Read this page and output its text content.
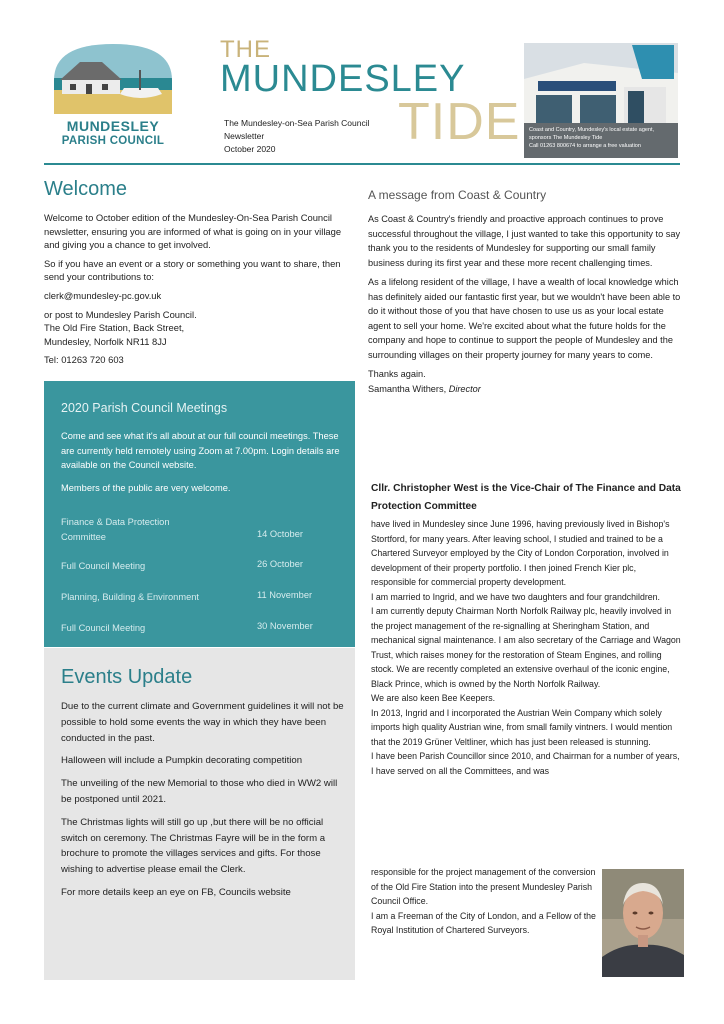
MUNDESLEY
PARISH COUNCIL
THE
MUNDESLEY
TIDE
The Mundesley-on-Sea Parish Council Newsletter
October 2020
Coast and Country, Mundesley's local estate agent, sponsors The Mundesley Tide
Call 01263 800674 to arrange a free valuation
Welcome

Welcome to October edition of the Mundesley-On-Sea Parish Council newsletter, ensuring you are informed of what is going on in your village and giving you a chance to get involved.

So if you have an event or a story or something you want to share, then send your contributions to:

clerk@mundesley-pc.gov.uk

or post to Mundesley Parish Council.
The Old Fire Station, Back Street,
Mundesley, Norfolk NR11 8JJ
Tel: 01263 720 603
2020 Parish Council Meetings
Come and see what it's all about at our full council meetings. These are currently held remotely using Zoom at 7.00pm. Login details are available on the Council website.
Members of the public are very welcome.
Finance & Data Protection Committee	14 October
Full Council Meeting	26 October
Planning, Building & Environment	11 November
Full Council Meeting	30 November
Events Update

Due to the current climate and Government guidelines it will not be possible to hold some events the way in which they have been conducted in the past.

Halloween will include a Pumpkin decorating competition

The unveiling of the new Memorial to those who died in WW2 will be postponed until 2021.

The Christmas lights will still go up ,but there will be no official switch on ceremony. The Christmas Fayre will be in the form a brochure to promote the villages services and gifts. For those wishing to advertise please email the Clerk.

For more details keep an eye on FB, Councils website

A message from Coast & Country

As Coast & Country's friendly and proactive approach continues to prove successful throughout the village, I just wanted to take this opportunity to say thank you to the residents of Mundesley for supporting our small family business during its first year and these more recent challenging times.

As a lifelong resident of the village, I have a wealth of local knowledge which has definitely aided our fantastic first year, but we wouldn't have been able to do it without those of you that have chosen to use us as your local estate agent to sell your home. We're excited about what the future holds for the company and hope to continue to support the people of Mundesley and the surrounding villages on their property journey for many years to come.

Thanks again.
Samantha Withers, Director
Cllr. Christopher West is the Vice-Chair of The Finance and Data Protection Committee

have lived in Mundesley since June 1996, having previously lived in Bishop's Stortford, for many years. After leaving school, I studied and trained to be a Chartered Surveyor employed by the City of London Corporation, involved in development of their property portfolio. I then joined French Kier plc, responsible for commercial property development.

I am married to Ingrid, and we have two daughters and four grandchildren.

I am currently deputy Chairman North Norfolk Railway plc, heavily involved in the project management of the re-signalling at Sheringham Station, and mechanical signal maintenance. I am also secretary of the Carriage and Wagon Trust, which raises money for the restoration of Steam Engines, and rolling stock. We are recently completed an extensive overhaul of the iconic engine, Black Prince, which is owned by the North Norfolk Railway.

We are also keen Bee Keepers.

In 2013, Ingrid and I incorporated the Austrian Wein Company which solely imports high quality Austrian wine, from small family vintners. I would mention that the 2019 Grüner Veltliner, which has just been released is stunning.

I have been Parish Councillor since 2010, and Chairman for a number of years, I have served on all the Committees, and was

responsible for the project management of the conversion of the Old Fire Station into the present Mundesley Parish Council Office.

I am a Freeman of the City of London, and a Fellow of the Royal Institution of Chartered Surveyors.
